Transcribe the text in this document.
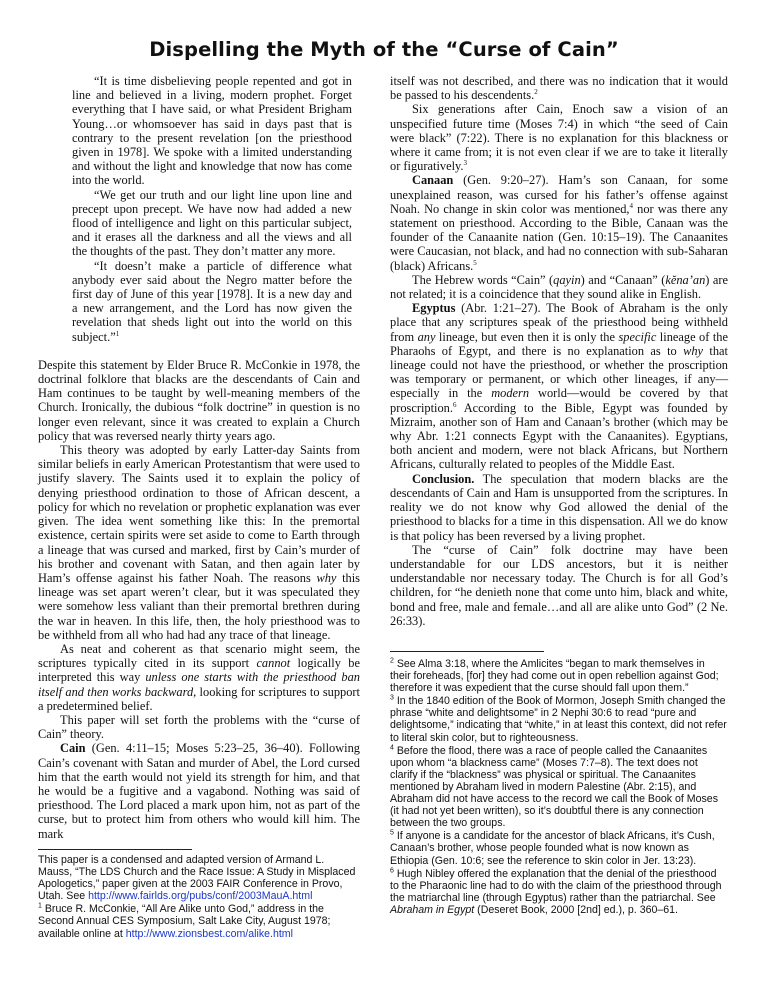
Dispelling the Myth of the “Curse of Cain”

“It is time disbelieving people repented and got in line and believed in a living, modern prophet. Forget everything that I have said, or what President Brigham Young…or whomsoever has said in days past that is contrary to the present revelation [on the priesthood given in 1978]. We spoke with a limited understanding and without the light and knowledge that now has come into the world.

“We get our truth and our light line upon line and precept upon precept. We have now had added a new flood of intelligence and light on this particular subject, and it erases all the darkness and all the views and all the thoughts of the past. They don’t matter any more.

“It doesn’t make a particle of difference what anybody ever said about the Negro matter before the first day of June of this year [1978]. It is a new day and a new arrangement, and the Lord has now given the revelation that sheds light out into the world on this subject.”$^1$

Despite this statement by Elder Bruce R. McConkie in 1978, the doctrinal folklore that blacks are the descendants of Cain and Ham continues to be taught by well-meaning members of the Church. Ironically, the dubious “folk doctrine” in question is no longer even relevant, since it was created to explain a Church policy that was reversed nearly thirty years ago.

This theory was adopted by early Latter-day Saints from similar beliefs in early American Protestantism that were used to justify slavery. The Saints used it to explain the policy of denying priesthood ordination to those of African descent, a policy for which no revelation or prophetic explanation was ever given. The idea went something like this: In the premortal existence, certain spirits were set aside to come to Earth through a lineage that was cursed and marked, first by Cain’s murder of his brother and covenant with Satan, and then again later by Ham’s offense against his father Noah. The reasons why this lineage was set apart weren’t clear, but it was speculated they were somehow less valiant than their premortal brethren during the war in heaven. In this life, then, the holy priesthood was to be withheld from all who had had any trace of that lineage.

As neat and coherent as that scenario might seem, the scriptures typically cited in its support cannot logically be interpreted this way unless one starts with the priesthood ban itself and then works backward, looking for scriptures to support a predetermined belief.

This paper will set forth the problems with the “curse of Cain” theory.

Cain (Gen. 4:11–15; Moses 5:23–25, 36–40). Following Cain’s covenant with Satan and murder of Abel, the Lord cursed him that the earth would not yield its strength for him, and that he would be a fugitive and a vagabond. Nothing was said of priesthood. The Lord placed a mark upon him, not as part of the curse, but to protect him from others who would kill him. The mark

This paper is a condensed and adapted version of Armand L. Mauss, “The LDS Church and the Race Issue: A Study in Misplaced Apologetics,” paper given at the 2003 FAIR Conference in Provo, Utah. See http://www.fairlds.org/pubs/conf/2003MauA.html

$^1$ Bruce R. McConkie, “All Are Alike unto God,” address in the Second Annual CES Symposium, Salt Lake City, August 1978; available online at http://www.zionsbest.com/alike.html

itself was not described, and there was no indication that it would be passed to his descendents.$^2$

Six generations after Cain, Enoch saw a vision of an unspecified future time (Moses 7:4) in which “the seed of Cain were black” (7:22). There is no explanation for this blackness or where it came from; it is not even clear if we are to take it literally or figuratively.$^3$

Canaan (Gen. 9:20–27). Ham’s son Canaan, for some unexplained reason, was cursed for his father’s offense against Noah. No change in skin color was mentioned,$^4$ nor was there any statement on priesthood. According to the Bible, Canaan was the founder of the Canaanite nation (Gen. 10:15–19). The Canaanites were Caucasian, not black, and had no connection with sub-Saharan (black) Africans.$^5$

The Hebrew words “Cain” (qayin) and “Canaan” (kĕna’an) are not related; it is a coincidence that they sound alike in English.

Egyptus (Abr. 1:21–27). The Book of Abraham is the only place that any scriptures speak of the priesthood being withheld from any lineage, but even then it is only the specific lineage of the Pharaohs of Egypt, and there is no explanation as to why that lineage could not have the priesthood, or whether the proscription was temporary or permanent, or which other lineages, if any—especially in the modern world—would be covered by that proscription.$^6$ According to the Bible, Egypt was founded by Mizraim, another son of Ham and Canaan’s brother (which may be why Abr. 1:21 connects Egypt with the Canaanites). Egyptians, both ancient and modern, were not black Africans, but Northern Africans, culturally related to peoples of the Middle East.

Conclusion. The speculation that modern blacks are the descendants of Cain and Ham is unsupported from the scriptures. In reality we do not know why God allowed the denial of the priesthood to blacks for a time in this dispensation. All we do know is that policy has been reversed by a living prophet.

The “curse of Cain” folk doctrine may have been understandable for our LDS ancestors, but it is neither understandable nor necessary today. The Church is for all God’s children, for “he denieth none that come unto him, black and white, bond and free, male and female…and all are alike unto God” (2 Ne. 26:33).

$^2$ See Alma 3:18, where the Amlicites “began to mark themselves in their foreheads, [for] they had come out in open rebellion against God; therefore it was expedient that the curse should fall upon them.”

$^3$ In the 1840 edition of the Book of Mormon, Joseph Smith changed the phrase “white and delightsome” in 2 Nephi 30:6 to read “pure and delightsome,” indicating that “white,” in at least this context, did not refer to literal skin color, but to righteousness.

$^4$ Before the flood, there was a race of people called the Canaanites upon whom “a blackness came” (Moses 7:7–8). The text does not clarify if the “blackness” was physical or spiritual. The Canaanites mentioned by Abraham lived in modern Palestine (Abr. 2:15), and Abraham did not have access to the record we call the Book of Moses (it had not yet been written), so it’s doubtful there is any connection between the two groups.

$^5$ If anyone is a candidate for the ancestor of black Africans, it’s Cush, Canaan’s brother, whose people founded what is now known as Ethiopia (Gen. 10:6; see the reference to skin color in Jer. 13:23).

$^6$ Hugh Nibley offered the explanation that the denial of the priesthood to the Pharaonic line had to do with the claim of the priesthood through the matriarchal line (through Egyptus) rather than the patriarchal. See Abraham in Egypt (Deseret Book, 2000 [2nd] ed.), p. 360–61.
